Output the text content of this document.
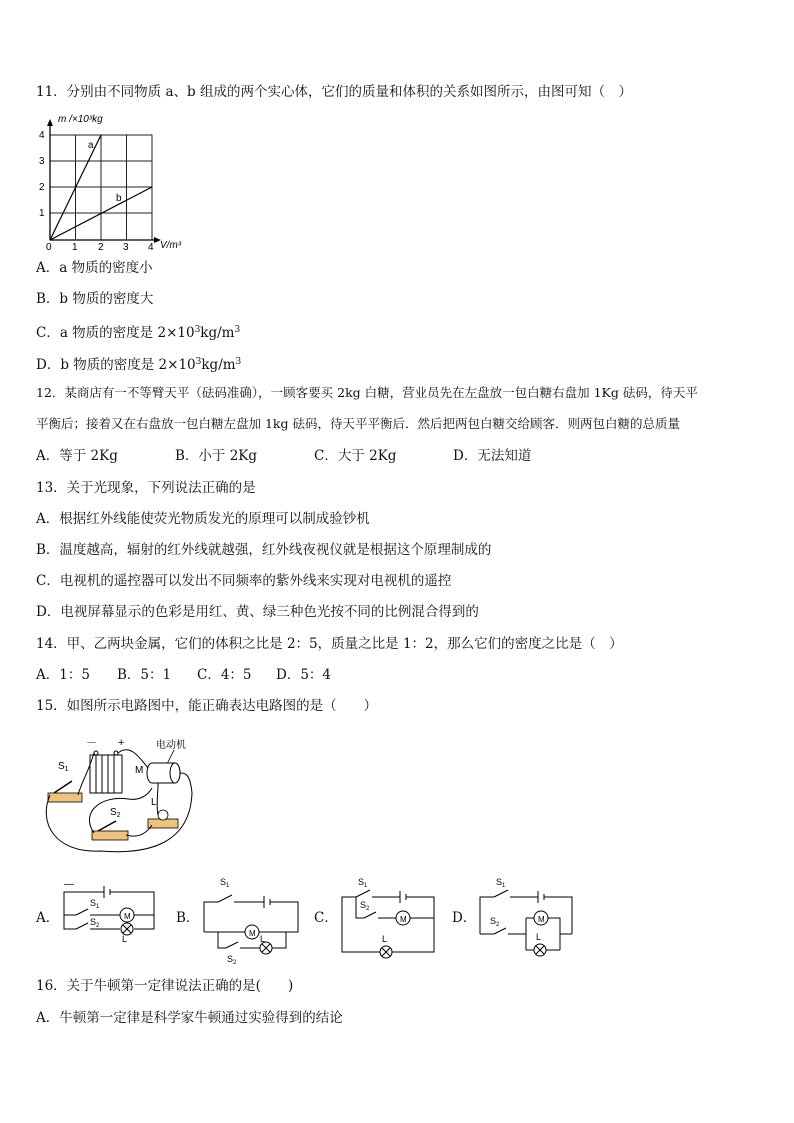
11．分别由不同物质 a、b 组成的两个实心体，它们的质量和体积的关系如图所示，由图可知（　）
a
b
m /×10³kg
V/m³
4
3
2
1
0 1 2 3 4
A．a 物质的密度小
B．b 物质的密度大
C．a 物质的密度是 $2\times 10^3kg/m^3$
D．b 物质的密度是 $2\times 10^3kg/m^3$
12．某商店有一不等臂天平（砝码准确），一顾客要买 2kg 白糖，营业员先在左盘放一包白糖右盘加 1Kg 砝码，待天平
平衡后；接着又在右盘放一包白糖左盘加 1kg 砝码，待天平平衡后．然后把两包白糖交给顾客．则两包白糖的总质量
A．等于 2Kg	B．小于 2Kg	C．大于 2Kg	D．无法知道
13．关于光现象，下列说法正确的是
A．根据红外线能使荧光物质发光的原理可以制成验钞机
B．温度越高，辐射的红外线就越强，红外线夜视仪就是根据这个原理制成的
C．电视机的遥控器可以发出不同频率的紫外线来实现对电视机的遥控
D．电视屏幕显示的色彩是用红、黄、绿三种色光按不同的比例混合得到的
14．甲、乙两块金属，它们的体积之比是 2：5，质量之比是 1：2，那么它们的密度之比是（　）
A．1：5 B．5：1 C．4：5 D．5：4
15．如图所示电路图中，能正确表达电路图的是（　　）
－ +	电动机
M
L
$S_1$
$S_2$
A．
—
M
$S_1$
$S_2$
L
B．
$S_1$
M
$S_2$
L
C．
$S_1$
M
$S_2$
L
D．
$S_1$
M
$S_2$
L
16．关于牛顿第一定律说法正确的是(　　)
A．牛顿第一定律是科学家牛顿通过实验得到的结论
